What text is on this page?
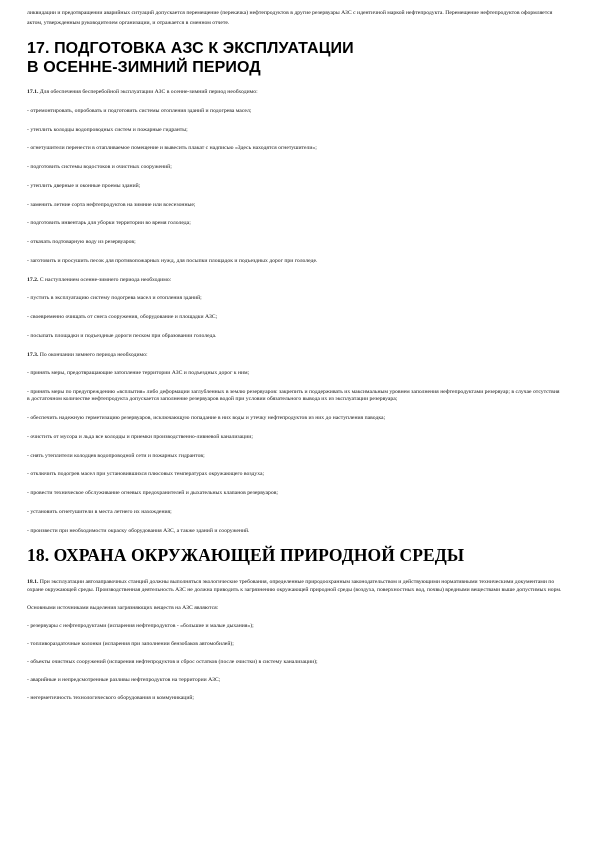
ликвидации и предотвращении аварийных ситуаций допускается перемещение (перекачка) нефтепродуктов в другие резервуары АЗС с идентичной маркой нефтепродукта. Перемещение нефтепродуктов оформляется актом, утвержденным руководителем организации, и отражается в сменном отчете.

17. ПОДГОТОВКА АЗС К ЭКСПЛУАТАЦИИ
В ОСЕННЕ-ЗИМНИЙ ПЕРИОД

17.1. Для обеспечения бесперебойной эксплуатации АЗС в осенне-зимний период необходимо:

- отремонтировать, опробовать и подготовить системы отопления зданий и подогрева масел;

- утеплить колодцы водопроводных систем и пожарные гидранты;

- огнетушители перенести в отапливаемое помещение и вывесить плакат с надписью «Здесь находятся огнетушители»;

- подготовить системы водостоков и очистных сооружений;

- утеплить дверные и оконные проемы зданий;

- заменить летние сорта нефтепродуктов на зимние или всесезонные;

- подготовить инвентарь для уборки территории во время гололеда;

- откачать подтоварную воду из резервуаров;

- заготовить и просушить песок для противопожарных нужд, для посыпки площадок и подъездных дорог при гололеде.

17.2. С наступлением осенне-зимнего периода необходимо:

- пустить в эксплуатацию систему подогрева масел и отопления зданий;

- своевременно очищать от снега сооружения, оборудование и площадки АЗС;

- посыпать площадки и подъездные дороги песком при образовании гололеда.

17.3. По окончании зимнего периода необходимо:

- принять меры, предотвращающие затопление территории АЗС и подъездных дорог к ним;

- принять меры по предупреждению «всплытия» либо деформации заглубленных в землю резервуаров: закрепить и поддерживать их максимальным уровнем заполнения нефтепродуктами резервуар; в случае отсутствия в достаточном количестве нефтепродукта допускается заполнение резервуаров водой при условии обязательного вывода их из эксплуатации резервуара;

- обеспечить надежную герметизацию резервуаров, исключающую попадание в них воды и утечку нефтепродуктов из них до наступления паводка;

- очистить от мусора и льда все колодцы и приемки производственно-ливневой канализации;

- снять утеплители колодцев водопроводной сети и пожарных гидрантов;

- отключить подогрев масел при установившихся плюсовых температурах окружающего воздуха;

- провести техническое обслуживание огневых предохранителей и дыхательных клапанов резервуаров;

- установить огнетушители в места летнего их нахождения;

- произвести при необходимости окраску оборудования АЗС, а также зданий и сооружений.

18. ОХРАНА ОКРУЖАЮЩЕЙ ПРИРОДНОЙ СРЕДЫ

18.1. При эксплуатации автозаправочных станций должны выполняться экологические требования, определенные природоохранным законодательством и действующими нормативными техническими документами по охране окружающей среды. Производственная деятельность АЗС не должна приводить к загрязнению окружающей природной среды (воздуха, поверхностных вод, почвы) вредными веществами выше допустимых норм.

Основными источниками выделения загрязняющих веществ на АЗС являются:

- резервуары с нефтепродуктами (испарения нефтепродуктов - «большие и малые дыхания»);

- топливораздаточные колонки (испарения при заполнении бензобаков автомобилей);

- объекты очистных сооружений (испарения нефтепродуктов и сброс остатков (после очистки) в систему канализации);

- аварийные и непредсмотренные разливы нефтепродуктов на территории АЗС;

- негерметичность технологического оборудования и коммуникаций;
